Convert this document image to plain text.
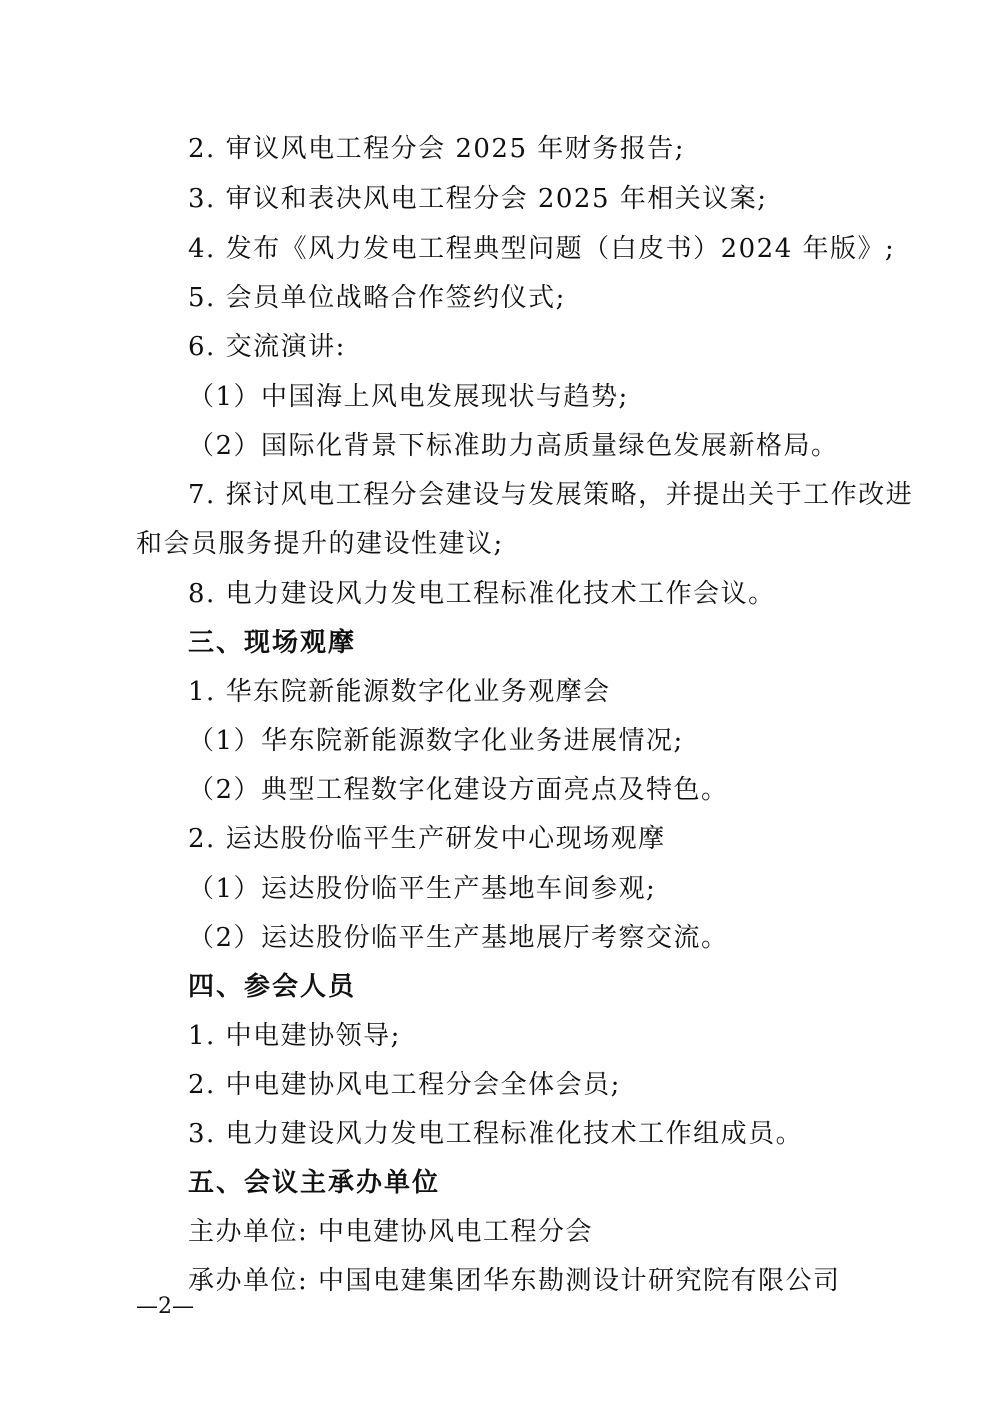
2. 审议风电工程分会 2025 年财务报告;
3. 审议和表决风电工程分会 2025 年相关议案;
4. 发布《风力发电工程典型问题（白皮书）2024 年版》;
5. 会员单位战略合作签约仪式;
6. 交流演讲:
（1）中国海上风电发展现状与趋势;
（2）国际化背景下标准助力高质量绿色发展新格局。
7. 探讨风电工程分会建设与发展策略，并提出关于工作改进
和会员服务提升的建设性建议;
8. 电力建设风力发电工程标准化技术工作会议。
三、现场观摩
1. 华东院新能源数字化业务观摩会
（1）华东院新能源数字化业务进展情况;
（2）典型工程数字化建设方面亮点及特色。
2. 运达股份临平生产研发中心现场观摩
（1）运达股份临平生产基地车间参观;
（2）运达股份临平生产基地展厅考察交流。
四、参会人员
1. 中电建协领导;
2. 中电建协风电工程分会全体会员;
3. 电力建设风力发电工程标准化技术工作组成员。
五、会议主承办单位
主办单位: 中电建协风电工程分会
承办单位: 中国电建集团华东勘测设计研究院有限公司
—2—
